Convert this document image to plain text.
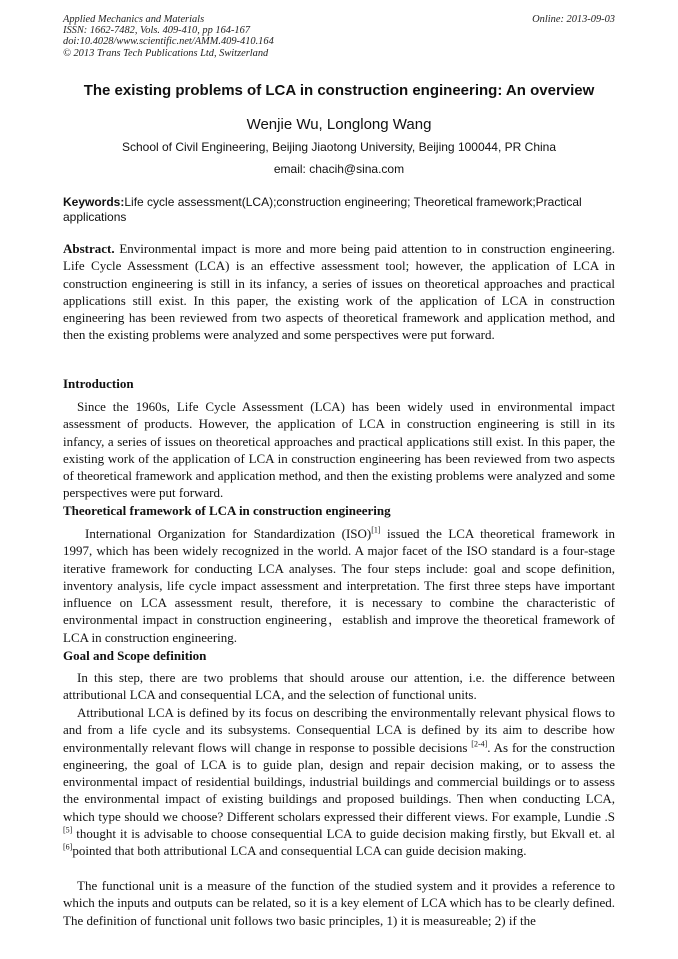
Applied Mechanics and Materials
ISSN: 1662-7482, Vols. 409-410, pp 164-167
doi:10.4028/www.scientific.net/AMM.409-410.164
© 2013 Trans Tech Publications Ltd, Switzerland
Online: 2013-09-03
The existing problems of LCA in construction engineering: An overview
Wenjie Wu, Longlong Wang
School of Civil Engineering, Beijing Jiaotong University, Beijing 100044, PR China
email: chacih@sina.com
Keywords:Life cycle assessment(LCA);construction engineering; Theoretical framework;Practical applications

Abstract. Environmental impact is more and more being paid attention to in construction engineering. Life Cycle Assessment (LCA) is an effective assessment tool; however, the application of LCA in construction engineering is still in its infancy, a series of issues on theoretical approaches and practical applications still exist. In this paper, the existing work of the application of LCA in construction engineering has been reviewed from two aspects of theoretical framework and application method, and then the existing problems were analyzed and some perspectives were put forward.

Introduction

Since the 1960s, Life Cycle Assessment (LCA) has been widely used in environmental impact assessment of products. However, the application of LCA in construction engineering is still in its infancy, a series of issues on theoretical approaches and practical applications still exist. In this paper, the existing work of the application of LCA in construction engineering has been reviewed from two aspects of theoretical framework and application method, and then the existing problems were analyzed and some perspectives were put forward.

Theoretical framework of LCA in construction engineering

International Organization for Standardization (ISO)[1] issued the LCA theoretical framework in 1997, which has been widely recognized in the world. A major facet of the ISO standard is a four-stage iterative framework for conducting LCA analyses. The four steps include: goal and scope definition, inventory analysis, life cycle impact assessment and interpretation. The first three steps have important influence on LCA assessment result, therefore, it is necessary to combine the characteristic of environmental impact in construction engineering，establish and improve the theoretical framework of LCA in construction engineering.

Goal and Scope definition

In this step, there are two problems that should arouse our attention, i.e. the difference between attributional LCA and consequential LCA, and the selection of functional units.

Attributional LCA is defined by its focus on describing the environmentally relevant physical flows to and from a life cycle and its subsystems. Consequential LCA is defined by its aim to describe how environmentally relevant flows will change in response to possible decisions [2-4]. As for the construction engineering, the goal of LCA is to guide plan, design and repair decision making, or to assess the environmental impact of residential buildings, industrial buildings and commercial buildings or to assess the environmental impact of existing buildings and proposed buildings. Then when conducting LCA, which type should we choose? Different scholars expressed their different views. For example, Lundie .S [5] thought it is advisable to choose consequential LCA to guide decision making firstly, but Ekvall et. al [6]pointed that both attributional LCA and consequential LCA can guide decision making.

The functional unit is a measure of the function of the studied system and it provides a reference to which the inputs and outputs can be related, so it is a key element of LCA which has to be clearly defined. The definition of functional unit follows two basic principles, 1) it is measureable; 2) if the
